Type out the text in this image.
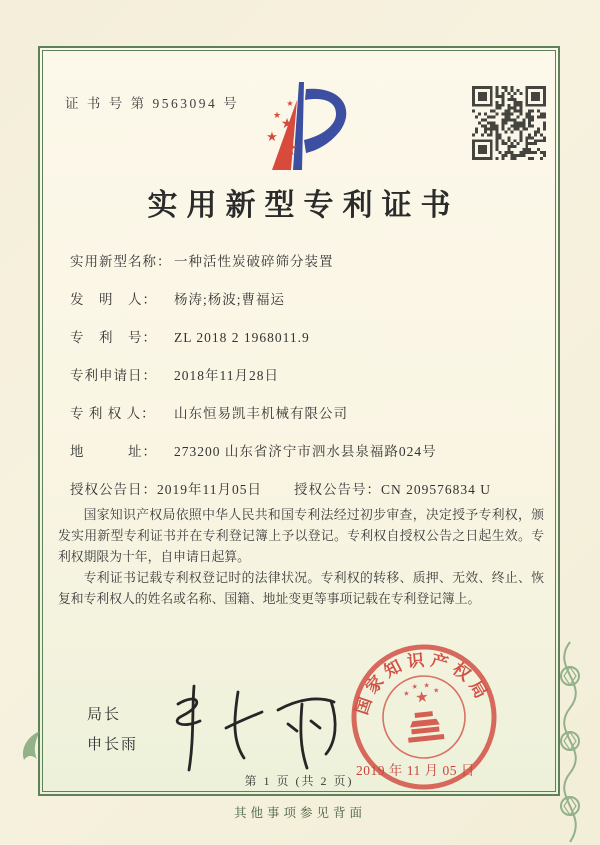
证 书 号 第 9563094 号
★
★
★
★
★
实用新型专利证书
实用新型名称： 一种活性炭破碎筛分装置
发　明　人： 杨涛;杨波;曹福运
专　利　号： ZL 2018 2 1968011.9
专利申请日： 2018年11月28日
专 利 权 人： 山东恒易凯丰机械有限公司
地　　　址： 273200 山东省济宁市泗水县泉福路024号
授权公告日：2019年11月05日 授权公告号：CN 209576834 U

国家知识产权局依照中华人民共和国专利法经过初步审查，决定授予专利权，颁发实用新型专利证书并在专利登记簿上予以登记。专利权自授权公告之日起生效。专利权期限为十年，自申请日起算。

专利证书记载专利权登记时的法律状况。专利权的转移、质押、无效、终止、恢复和专利权人的姓名或名称、国籍、地址变更等事项记载在专利登记簿上。

局长
申长雨
国家知识产权局
★
★
★ ★
★
2019 年 11 月 05 日
第 1 页 (共 2 页)
其他事项参见背面
